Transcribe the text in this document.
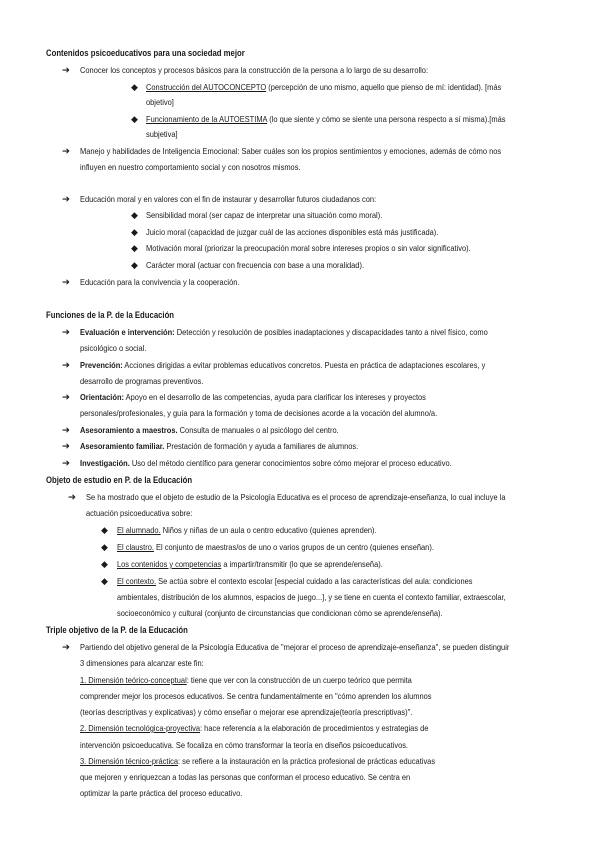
Contenidos psicoeducativos para una sociedad mejor
➔ Conocer los conceptos y procesos básicos para la construcción de la persona a lo largo de su desarrollo:
◆ Construcción del AUTOCONCEPTO (percepción de uno mismo, aquello que pienso de mí: identidad). [más
objetivo]
◆ Funcionamiento de la AUTOESTIMA (lo que siente y cómo se siente una persona respecto a sí misma).[más
subjetiva]
➔ Manejo y habilidades de Inteligencia Emocional: Saber cuáles son los propios sentimientos y emociones, además de cómo nos
influyen en nuestro comportamiento social y con nosotros mismos.
➔ Educación moral y en valores con el fin de instaurar y desarrollar futuros ciudadanos con:
◆ Sensibilidad moral (ser capaz de interpretar una situación como moral).
◆ Juicio moral (capacidad de juzgar cuál de las acciones disponibles está más justificada).
◆ Motivación moral (priorizar la preocupación moral sobre intereses propios o sin valor significativo).
◆ Carácter moral (actuar con frecuencia con base a una moralidad).
➔ Educación para la convivencia y la cooperación.
Funciones de la P. de la Educación
➔ Evaluación e intervención: Detección y resolución de posibles inadaptaciones y discapacidades tanto a nivel físico, como
psicológico o social.
➔ Prevención: Acciones dirigidas a evitar problemas educativos concretos. Puesta en práctica de adaptaciones escolares, y
desarrollo de programas preventivos.
➔ Orientación: Apoyo en el desarrollo de las competencias, ayuda para clarificar los intereses y proyectos
personales/profesionales, y guía para la formación y toma de decisiones acorde a la vocación del alumno/a.
➔ Asesoramiento a maestros. Consulta de manuales o al psicólogo del centro.
➔ Asesoramiento familiar. Prestación de formación y ayuda a familiares de alumnos.
➔ Investigación. Uso del método científico para generar conocimientos sobre cómo mejorar el proceso educativo.
Objeto de estudio en P. de la Educación
➔ Se ha mostrado que el objeto de estudio de la Psicología Educativa es el proceso de aprendizaje-enseñanza, lo cual incluye la
actuación psicoeducativa sobre:
◆ El alumnado. Niños y niñas de un aula o centro educativo (quienes aprenden).
◆ El claustro. El conjunto de maestras/os de uno o varios grupos de un centro (quienes enseñan).
◆ Los contenidos y competencias a impartir/transmitir (lo que se aprende/enseña).
◆ El contexto. Se actúa sobre el contexto escolar [especial cuidado a las características del aula: condiciones
ambientales, distribución de los alumnos, espacios de juego...], y se tiene en cuenta el contexto familiar, extraescolar,
socioeconómico y cultural (conjunto de circunstancias que condicionan cómo se aprende/enseña).
Triple objetivo de la P. de la Educación
➔ Partiendo del objetivo general de la Psicología Educativa de "mejorar el proceso de aprendizaje-enseñanza", se pueden distinguir
3 dimensiones para alcanzar este fin:
1. Dimensión teórico-conceptual: tiene que ver con la construcción de un cuerpo teórico que permita
comprender mejor los procesos educativos. Se centra fundamentalmente en "cómo aprenden los alumnos
(teorías descriptivas y explicativas) y cómo enseñar o mejorar ese aprendizaje(teoría prescriptivas)".
2. Dimensión tecnológica-proyectiva: hace referencia a la elaboración de procedimientos y estrategias de
intervención psicoeducativa. Se focaliza en cómo transformar la teoría en diseños psicoeducativos.
3. Dimensión técnico-práctica: se refiere a la instauración en la práctica profesional de prácticas educativas
que mejoren y enriquezcan a todas las personas que conforman el proceso educativo. Se centra en
optimizar la parte práctica del proceso educativo.
